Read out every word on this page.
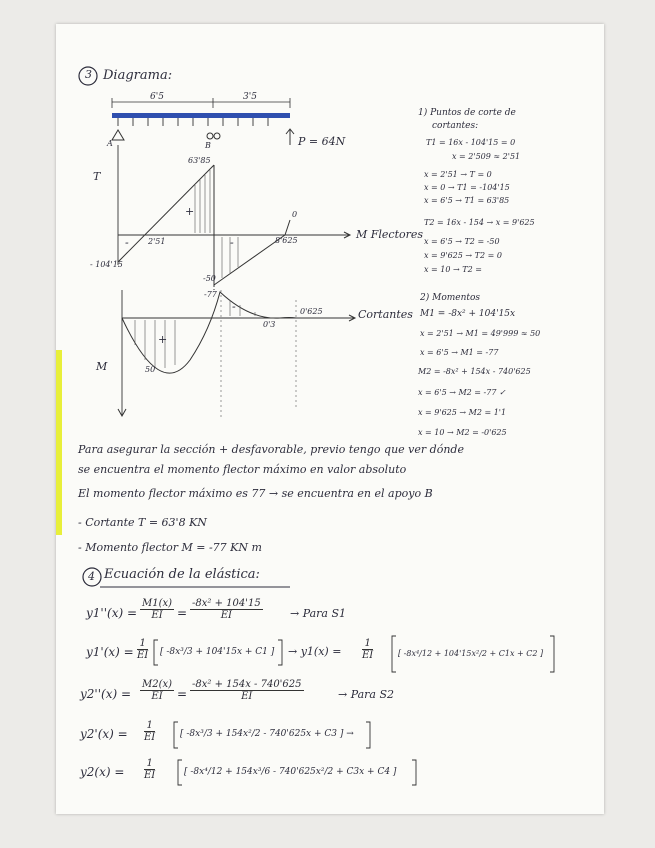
3 Diagrama:
6'5	3'5
A	B	P = 64N
T
63'85
+
- 2'51	-	8'625
- 104'15
-50
0
M Flectores
-77
-
+
M	50
0'625
0'3
Cortantes
1) Puntos de corte de
cortantes:
T1 = 16x - 104'15 = 0
x = 2'509 ≈ 2'51
x = 2'51 → T = 0
x = 0 → T1 = -104'15
x = 6'5 → T1 = 63'85
T2 = 16x - 154 → x = 9'625
x = 6'5 → T2 = -50
x = 9'625 → T2 = 0
x = 10 → T2 =
2) Momentos
M1 = -8x² + 104'15x
x = 2'51 → M1 = 49'999 ≈ 50
x = 6'5 → M1 = -77
M2 = -8x² + 154x - 740'625
x = 6'5 → M2 = -77 ✓
x = 9'625 → M2 = 1'1
x = 10 → M2 = -0'625
Para asegurar la sección + desfavorable, previo tengo que ver dónde
se encuentra el momento flector máximo en valor absoluto
El momento flector máximo es 77 → se encuentra en el apoyo B
- Cortante T = 63'8 KN
- Momento flector M = -77 KN m
4 Ecuación de la elástica:
$y1''(x) = \frac{M1(x)}{EI} = \frac{\text{-8x² + 104'15}}{EI}$ → Para S1
$y1'(x) = \frac{1}{EI}$ [ -8x³/3 + 104'15x + C1 ] → $y1(x) = \frac{1}{EI}$	[ -8x⁴/12 + 104'15x²/2 + C1x + C2 ]
$y2''(x) = \frac{M2(x)}{EI} = \frac{\text{-8x² + 154x - 740'625}}{EI}$	→ Para S2
$y2'(x) = \frac{1}{EI}$	[ -8x³/3 + 154x²/2 - 740'625x + C3 ] →
$y2(x) = \frac{1}{EI}$	[ -8x⁴/12 + 154x³/6 - 740'625x²/2 + C3x + C4 ]
